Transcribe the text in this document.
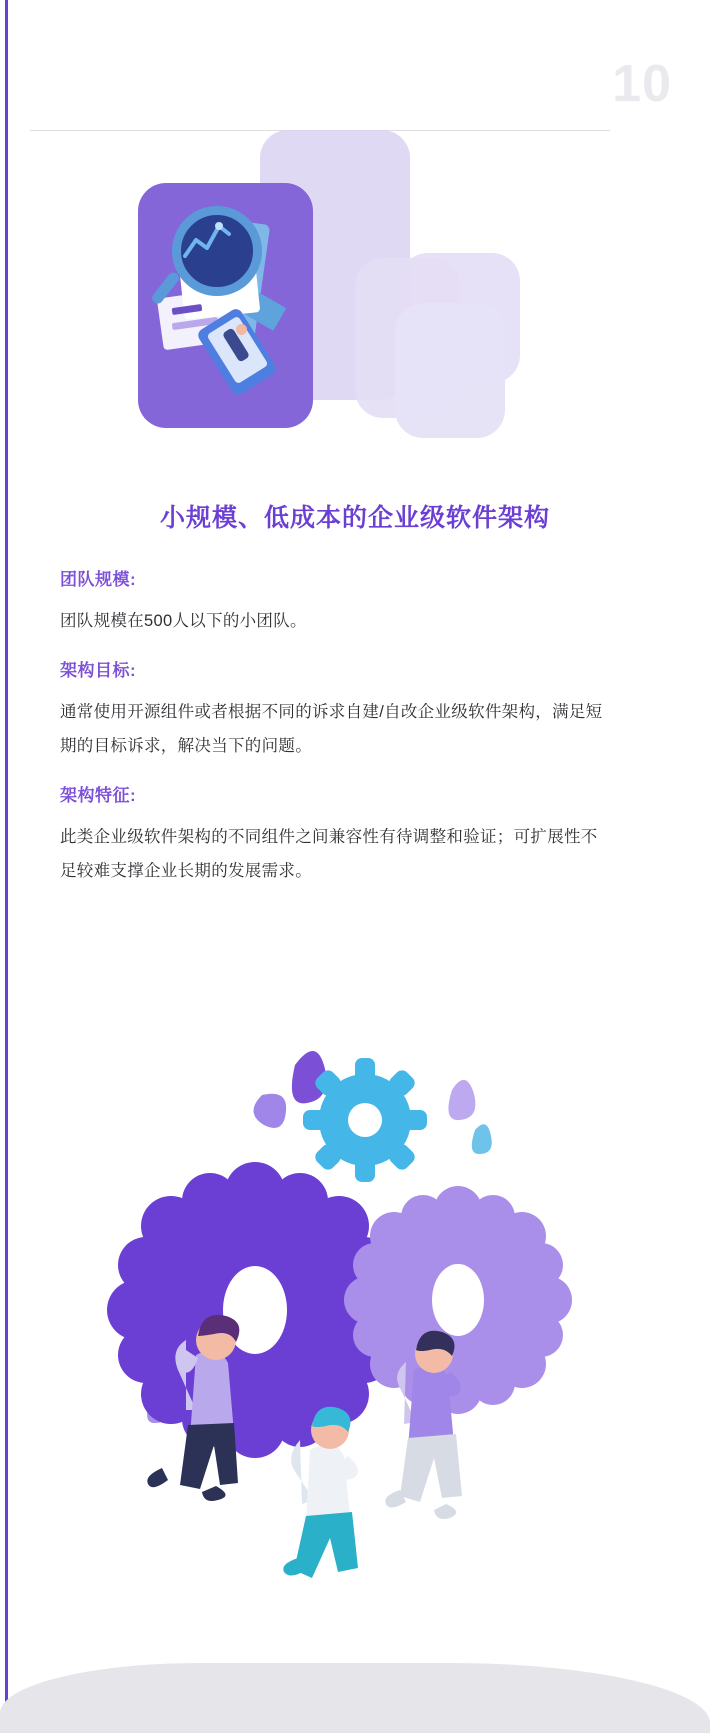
10
小规模、低成本的企业级软件架构

团队规模:

团队规模在500人以下的小团队。

架构目标:

通常使用开源组件或者根据不同的诉求自建/自改企业级软件架构，满足短期的目标诉求，解决当下的问题。

架构特征:

此类企业级软件架构的不同组件之间兼容性有待调整和验证；可扩展性不足较难支撑企业长期的发展需求。
